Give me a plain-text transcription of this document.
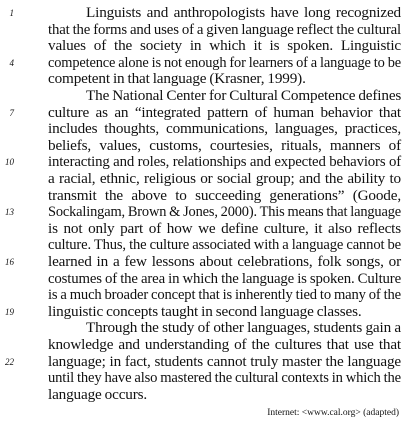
1	Linguists and anthropologists have long recognized
that the forms and uses of a given language reflect the cultural
values of the society in which it is spoken. Linguistic
4 competence alone is not enough for learners of a language to be
competent in that language (Krasner, 1999).
The National Center for Cultural Competence defines
7 culture as an “integrated pattern of human behavior that
includes thoughts, communications, languages, practices,
beliefs, values, customs, courtesies, rituals, manners of
10 interacting and roles, relationships and expected behaviors of
a racial, ethnic, religious or social group; and the ability to
transmit the above to succeeding generations” (Goode,
13 Sockalingam, Brown & Jones, 2000). This means that language
is not only part of how we define culture, it also reflects
culture. Thus, the culture associated with a language cannot be
16 learned in a few lessons about celebrations, folk songs, or
costumes of the area in which the language is spoken. Culture
is a much broader concept that is inherently tied to many of the
19 linguistic concepts taught in second language classes.
Through the study of other languages, students gain a
knowledge and understanding of the cultures that use that
22 language; in fact, students cannot truly master the language
until they have also mastered the cultural contexts in which the
language occurs.
Internet: <www.cal.org> (adapted)
